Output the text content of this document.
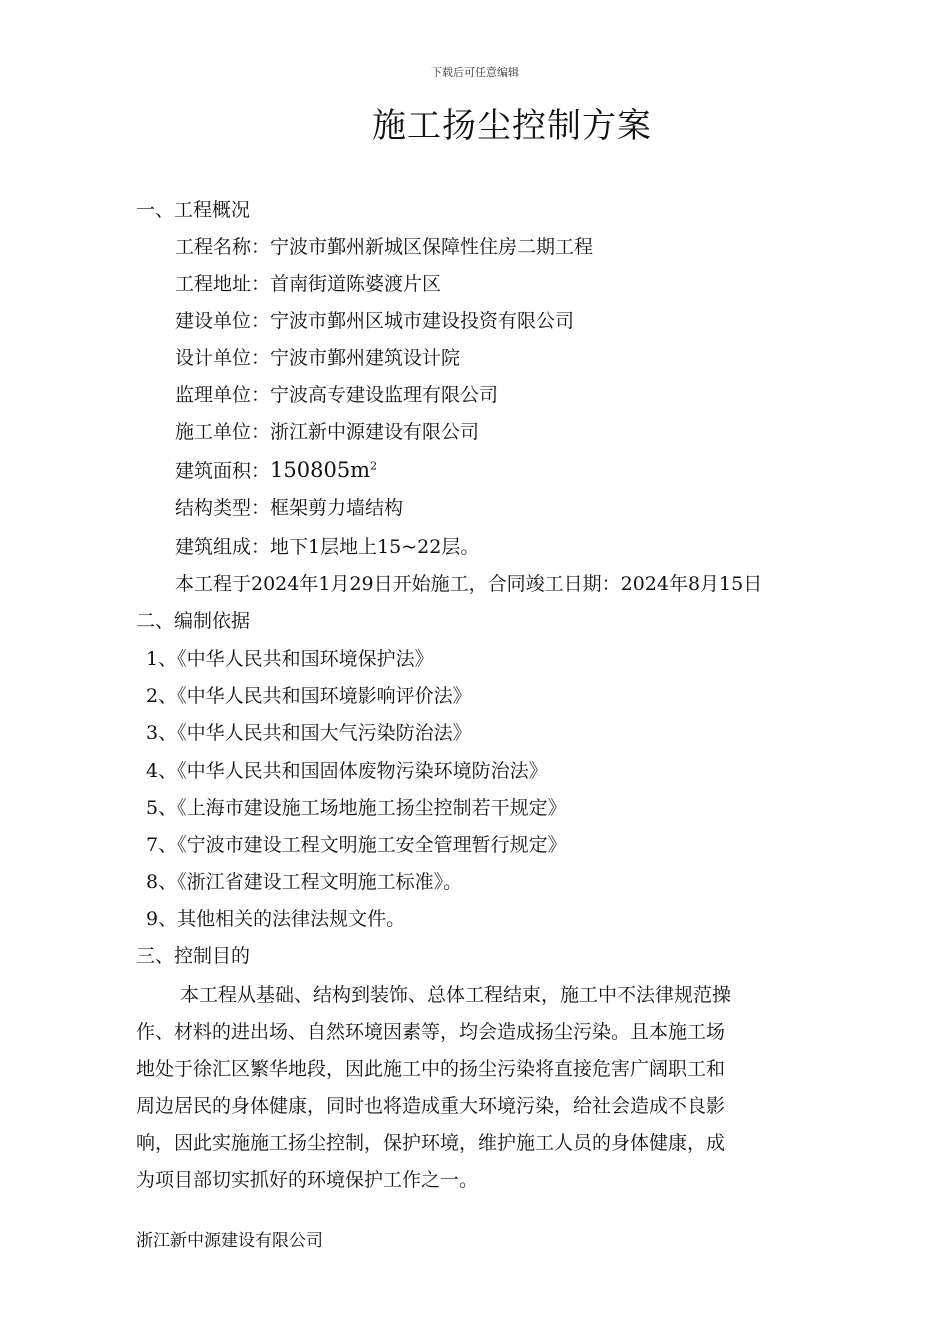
下载后可任意编辑
施工扬尘控制方案
一、工程概况
工程名称：宁波市鄞州新城区保障性住房二期工程
工程地址：首南街道陈婆渡片区
建设单位：宁波市鄞州区城市建设投资有限公司
设计单位：宁波市鄞州建筑设计院
监理单位：宁波高专建设监理有限公司
施工单位：浙江新中源建设有限公司
建筑面积：$150805m^2$
结构类型：框架剪力墙结构
建筑组成：地下1层地上15~22层。
本工程于2024年1月29日开始施工，合同竣工日期：2024年8月15日
二、编制依据
1、《中华人民共和国环境保护法》
2、《中华人民共和国环境影响评价法》
3、《中华人民共和国大气污染防治法》
4、《中华人民共和国固体废物污染环境防治法》
5、《上海市建设施工场地施工扬尘控制若干规定》
7、《宁波市建设工程文明施工安全管理暂行规定》
8、《浙江省建设工程文明施工标准》。
9、其他相关的法律法规文件。
三、控制目的
本工程从基础、结构到装饰、总体工程结束，施工中不法律规范操
作、材料的进出场、自然环境因素等，均会造成扬尘污染。且本施工场
地处于徐汇区繁华地段，因此施工中的扬尘污染将直接危害广阔职工和
周边居民的身体健康，同时也将造成重大环境污染，给社会造成不良影
响，因此实施施工扬尘控制，保护环境，维护施工人员的身体健康，成
为项目部切实抓好的环境保护工作之一。
浙江新中源建设有限公司
